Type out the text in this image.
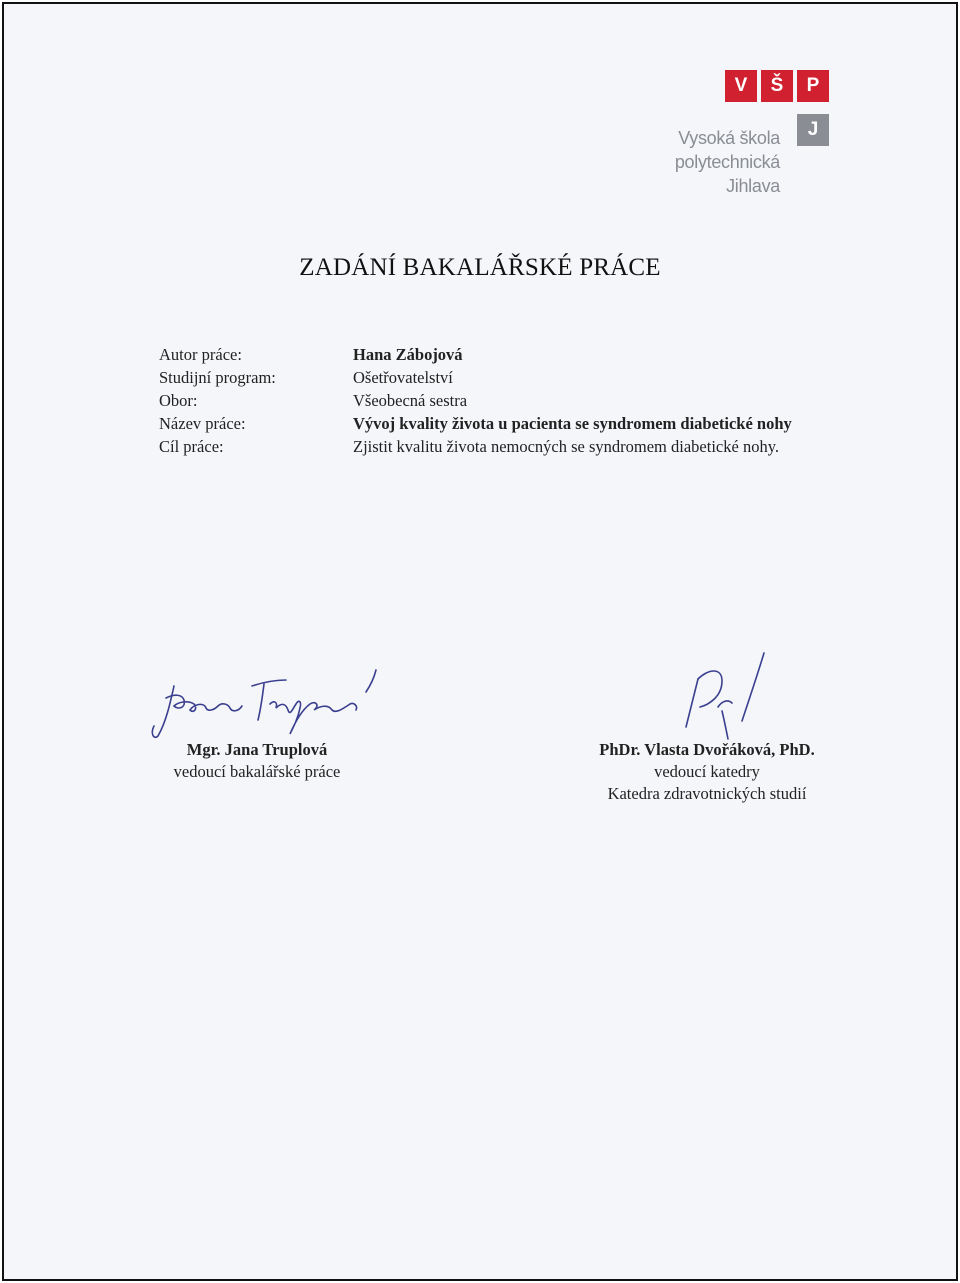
V	Š	P
J
Vysoká škola
polytechnická
Jihlava
ZADÁNÍ BAKALÁŘSKÉ PRÁCE
Autor práce:
Studijní program:
Obor:
Název práce:
Cíl práce:
Hana Zábojová
Ošetřovatelství
Všeobecná sestra
Vývoj kvality života u pacienta se syndromem diabetické nohy
Zjistit kvalitu života nemocných se syndromem diabetické nohy.
Mgr. Jana Truplová
vedoucí bakalářské práce
PhDr. Vlasta Dvořáková, PhD.
vedoucí katedry
Katedra zdravotnických studií
